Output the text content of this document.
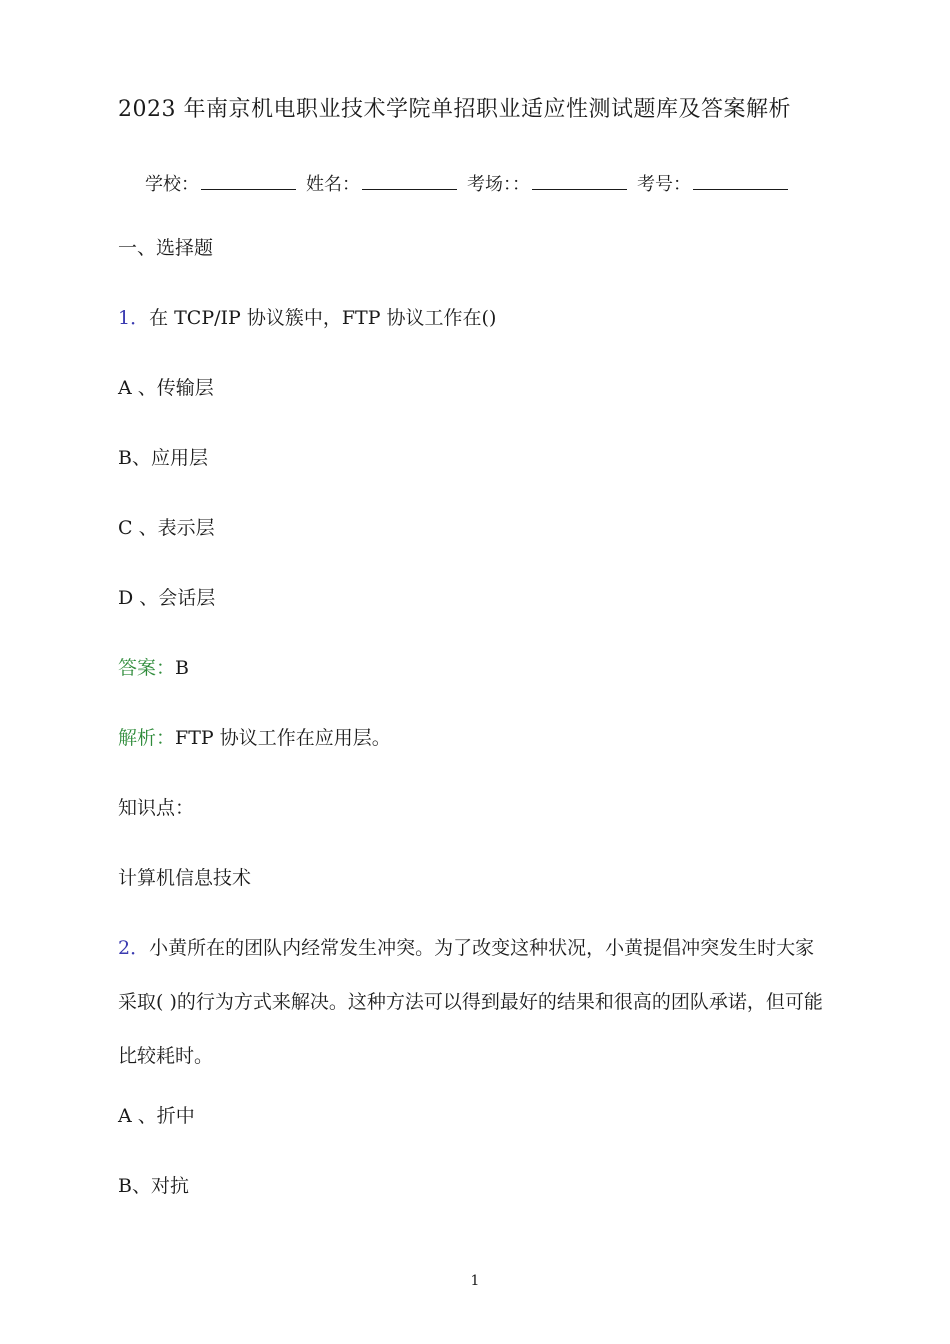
2023 年南京机电职业技术学院单招职业适应性测试题库及答案解析
学校：	姓名：	考场：：	考号：
一、选择题
1．在 TCP/IP 协议簇中，FTP 协议工作在()
A 、传输层
B、应用层
C 、表示层
D 、会话层
答案：B
解析：FTP 协议工作在应用层。
知识点：
计算机信息技术
2．小黄所在的团队内经常发生冲突。为了改变这种状况，小黄提倡冲突发生时大家
采取( )的行为方式来解决。这种方法可以得到最好的结果和很高的团队承诺，但可能
比较耗时。
A 、折中
B、对抗
1
